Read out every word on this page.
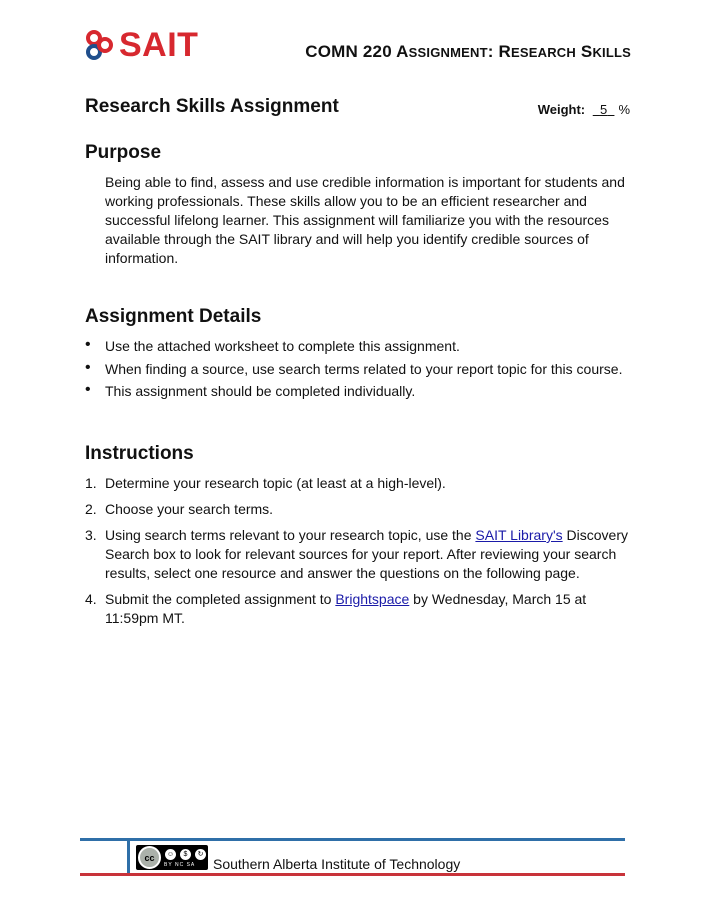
SAIT	COMN 220 ASSIGNMENT: RESEARCH SKILLS
Research Skills Assignment	Weight: 5 %
Purpose

Being able to find, assess and use credible information is important for students and working professionals. These skills allow you to be an efficient researcher and successful lifelong learner. This assignment will familiarize you with the resources available through the SAIT library and will help you identify credible sources of information.

Assignment Details
• Use the attached worksheet to complete this assignment.
• When finding a source, use search terms related to your report topic for this course.
• This assignment should be completed individually.
Instructions
1. Determine your research topic (at least at a high-level).
2. Choose your search terms.
3. Using search terms relevant to your research topic, use the SAIT Library's Discovery Search box to look for relevant sources for your report. After reviewing your search results, select one resource and answer the questions on the following page.
4. Submit the completed assignment to Brightspace by Wednesday, March 15 at 11:59pm MT.
cc	☺	$	↻
BY NC SA	Southern Alberta Institute of Technology
